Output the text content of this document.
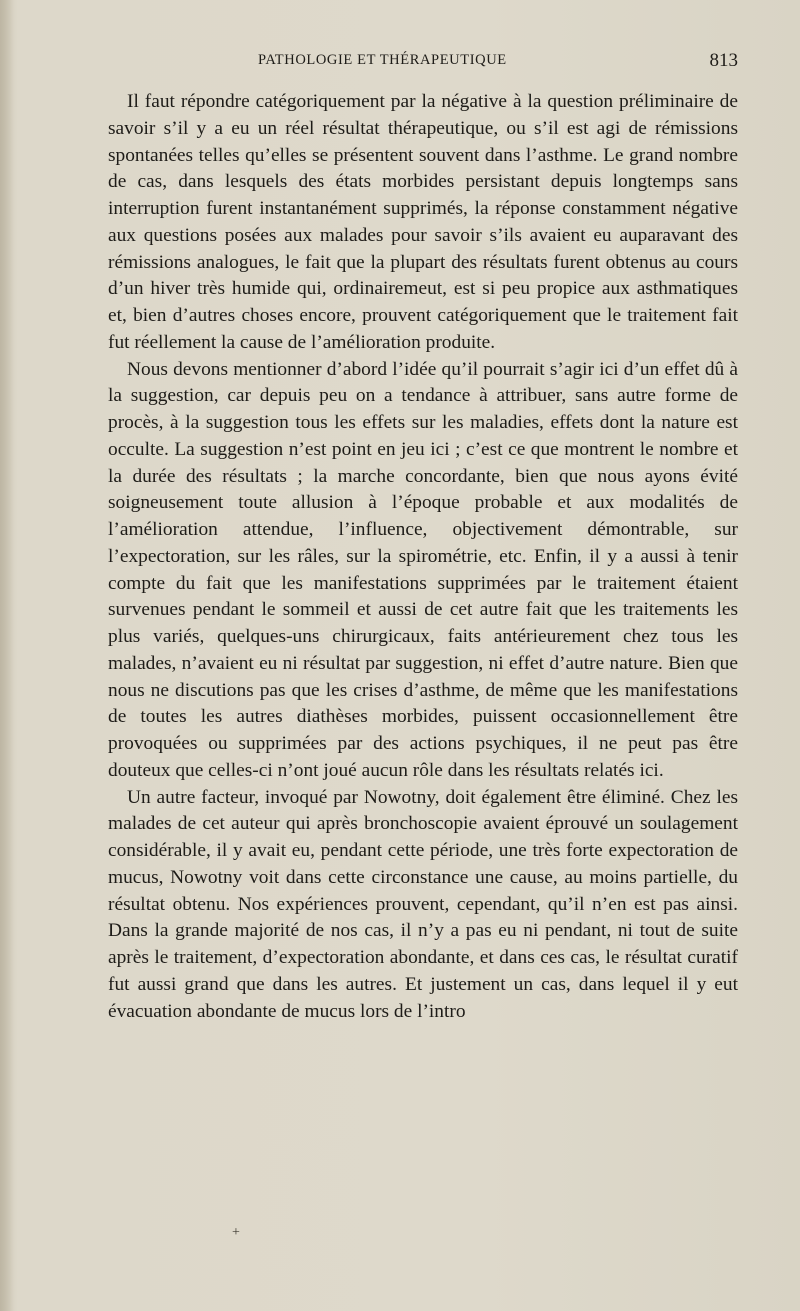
PATHOLOGIE ET THÉRAPEUTIQUE	813

Il faut répondre catégoriquement par la négative à la question préliminaire de savoir s’il y a eu un réel résultat thérapeutique, ou s’il est agi de rémissions spontanées telles qu’elles se présentent souvent dans l’asthme. Le grand nombre de cas, dans lesquels des états morbides persistant depuis longtemps sans interruption furent instantanément supprimés, la réponse constamment négative aux questions posées aux malades pour savoir s’ils avaient eu auparavant des rémissions analogues, le fait que la plupart des résultats furent obtenus au cours d’un hiver très humide qui, ordinairemeut, est si peu propice aux asthmatiques et, bien d’autres choses encore, prouvent catégoriquement que le traitement fait fut réellement la cause de l’amélioration produite.

Nous devons mentionner d’abord l’idée qu’il pourrait s’agir ici d’un effet dû à la suggestion, car depuis peu on a tendance à attribuer, sans autre forme de procès, à la suggestion tous les effets sur les maladies, effets dont la nature est occulte. La suggestion n’est point en jeu ici ; c’est ce que montrent le nombre et la durée des résultats ; la marche concordante, bien que nous ayons évité soigneusement toute allusion à l’époque probable et aux modalités de l’amélioration attendue, l’influence, objectivement démontrable, sur l’expectoration, sur les râles, sur la spirométrie, etc. Enfin, il y a aussi à tenir compte du fait que les manifestations supprimées par le traitement étaient survenues pendant le sommeil et aussi de cet autre fait que les traitements les plus variés, quelques-uns chirurgicaux, faits antérieurement chez tous les malades, n’avaient eu ni résultat par suggestion, ni effet d’autre nature. Bien que nous ne discutions pas que les crises d’asthme, de même que les manifestations de toutes les autres diathèses morbides, puissent occasionnellement être provoquées ou supprimées par des actions psychiques, il ne peut pas être douteux que celles-ci n’ont joué aucun rôle dans les résultats relatés ici.

Un autre facteur, invoqué par Nowotny, doit également être éliminé. Chez les malades de cet auteur qui après bronchoscopie avaient éprouvé un soulagement considérable, il y avait eu, pendant cette période, une très forte expectoration de mucus, Nowotny voit dans cette circonstance une cause, au moins partielle, du résultat obtenu. Nos expériences prouvent, cependant, qu’il n’en est pas ainsi. Dans la grande majorité de nos cas, il n’y a pas eu ni pendant, ni tout de suite après le traitement, d’expectoration abondante, et dans ces cas, le résultat curatif fut aussi grand que dans les autres. Et justement un cas, dans lequel il y eut évacuation abondante de mucus lors de l’intro

+
